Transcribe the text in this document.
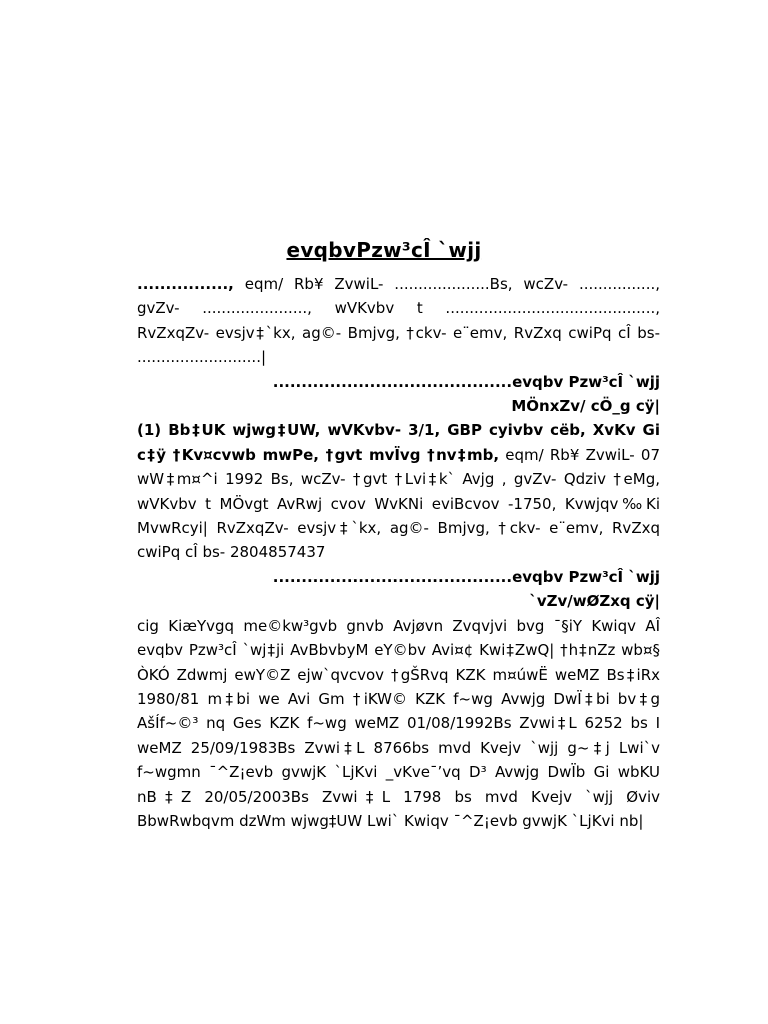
evqbvPzw³cÎ `wjj

................, eqm/ Rb¥ ZvwiL- ....................Bs, wcZv- ................, gvZv- ......................, wVKvbv t ............................................, RvZxqZv- evsjv‡`kx, ag©- Bmjvg, †ckv- e¨emv, RvZxq cwiPq cÎ bs- ..........................|

..........................................evqbv Pzw³cÎ `wjj

MÖnxZv/ cÖ_g cÿ|

(1) Bb‡UK wjwg‡UW, wVKvbv- 3/1, GBP cyivbv cëb, XvKv Gi c‡ÿ †Kv¤cvwb mwPe, †gvt mvÏvg †nv‡mb, eqm/ Rb¥ ZvwiL- 07 wW‡m¤^i 1992 Bs, wcZv- †gvt †Lvi‡k` Avjg , gvZv- Qdziv †eMg, wVKvbv t MÖvgt AvRwj cvov WvKNi eviBcvov -1750, Kvwjqv‰Ki MvwRcyi| RvZxqZv- evsjv‡`kx, ag©- Bmjvg, †ckv- e¨emv, RvZxq cwiPq cÎ bs- 2804857437

..........................................evqbv Pzw³cÎ `wjj

`vZv/wØZxq cÿ|

cig KiæYvgq me©kw³gvb gnvb Avjøvn Zvqvjvi bvg ¯§iY Kwiqv AÎ evqbv Pzw³cÎ `wj‡ji AvBbvbyM eY©bv Avi¤¢ Kwi‡ZwQ| †h‡nZz wb¤§ ÒKÓ Zdwmj ewY©Z ejw`qvcvov †gŠRvq KZK m¤úwË weMZ Bs‡iRx 1980/81 m‡bi we Avi Gm †iKW© KZK f~wg Avwjg DwÏ‡bi bv‡g AšÍf~©³ nq Ges KZK f~wg weMZ 01/08/1992Bs Zvwi‡L 6252 bs I weMZ 25/09/1983Bs Zvwi‡L 8766bs mvd Kvejv `wjj g~‡j Lwi`v f~wgmn ¯^Z¡evb gvwjK `LjKvi _vKve¯’vq D³ Avwjg DwÏb Gi wbKU nB‡Z 20/05/2003Bs Zvwi‡L 1798 bs mvd Kvejv `wjj Øviv BbwRwbqvm dzWm wjwg‡UW Lwi` Kwiqv ¯^Z¡evb gvwjK `LjKvi nb|
